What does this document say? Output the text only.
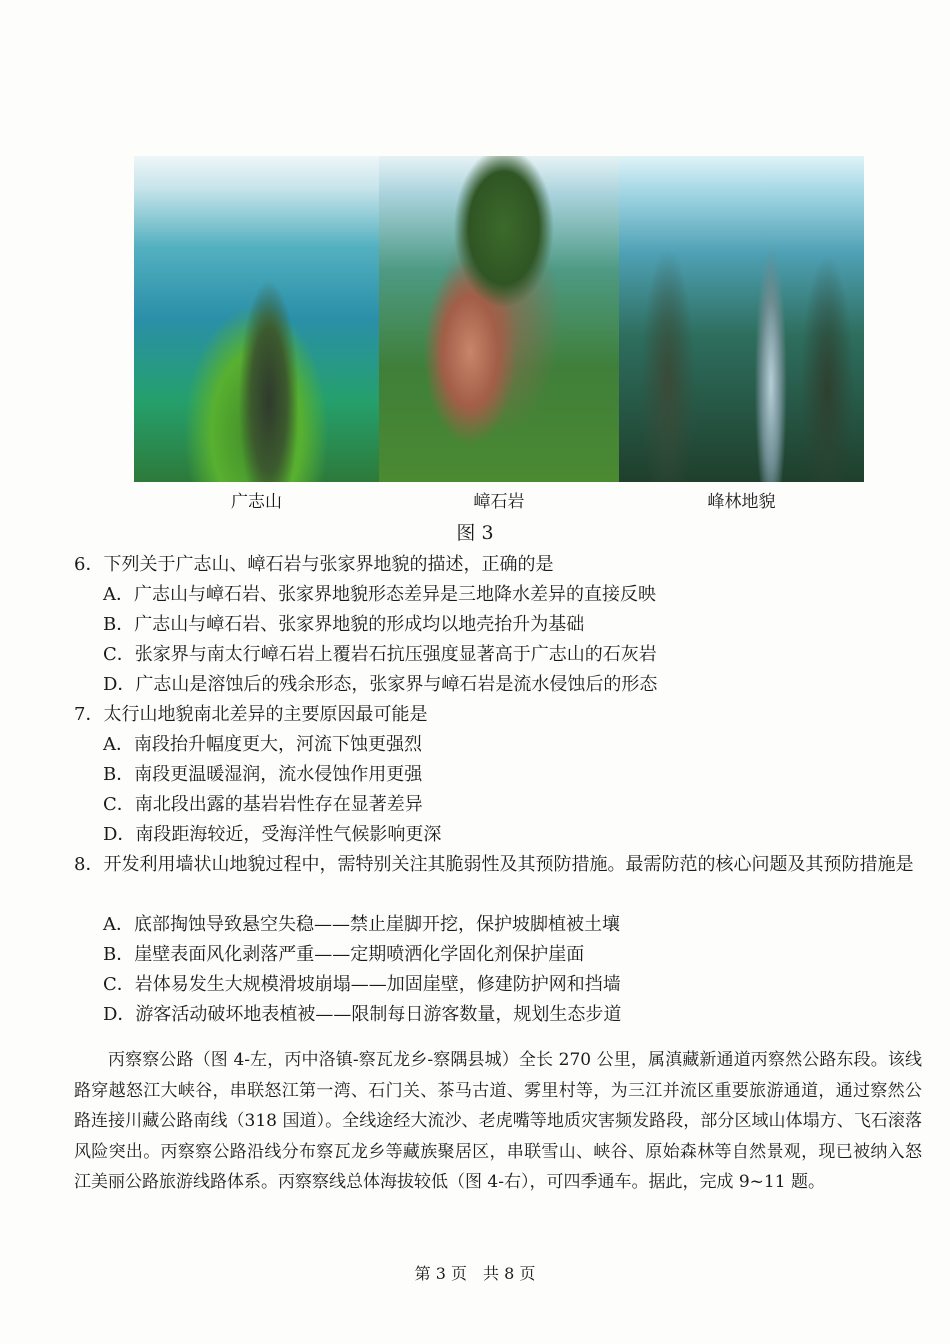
广志山	嶂石岩	峰林地貌
图 3
6．下列关于广志山、嶂石岩与张家界地貌的描述，正确的是
A．广志山与嶂石岩、张家界地貌形态差异是三地降水差异的直接反映
B．广志山与嶂石岩、张家界地貌的形成均以地壳抬升为基础
C．张家界与南太行嶂石岩上覆岩石抗压强度显著高于广志山的石灰岩
D．广志山是溶蚀后的残余形态，张家界与嶂石岩是流水侵蚀后的形态
7．太行山地貌南北差异的主要原因最可能是
A．南段抬升幅度更大，河流下蚀更强烈
B．南段更温暖湿润，流水侵蚀作用更强
C．南北段出露的基岩岩性存在显著差异
D．南段距海较近，受海洋性气候影响更深
8．开发利用墙状山地貌过程中，需特别关注其脆弱性及其预防措施。最需防范的核心问题及其预防措施是
A．底部掏蚀导致悬空失稳——禁止崖脚开挖，保护坡脚植被土壤
B．崖壁表面风化剥落严重——定期喷洒化学固化剂保护崖面
C．岩体易发生大规模滑坡崩塌——加固崖壁，修建防护网和挡墙
D．游客活动破坏地表植被——限制每日游客数量，规划生态步道
丙察察公路（图 4-左，丙中洛镇-察瓦龙乡-察隅县城）全长 270 公里，属滇藏新通道丙察然公路东段。该线路穿越怒江大峡谷，串联怒江第一湾、石门关、茶马古道、雾里村等，为三江并流区重要旅游通道，通过察然公路连接川藏公路南线（318 国道）。全线途经大流沙、老虎嘴等地质灾害频发路段，部分区域山体塌方、飞石滚落风险突出。丙察察公路沿线分布察瓦龙乡等藏族聚居区，串联雪山、峡谷、原始森林等自然景观，现已被纳入怒江美丽公路旅游线路体系。丙察察线总体海拔较低（图 4-右），可四季通车。据此，完成 9~11 题。
第 3 页　共 8 页
